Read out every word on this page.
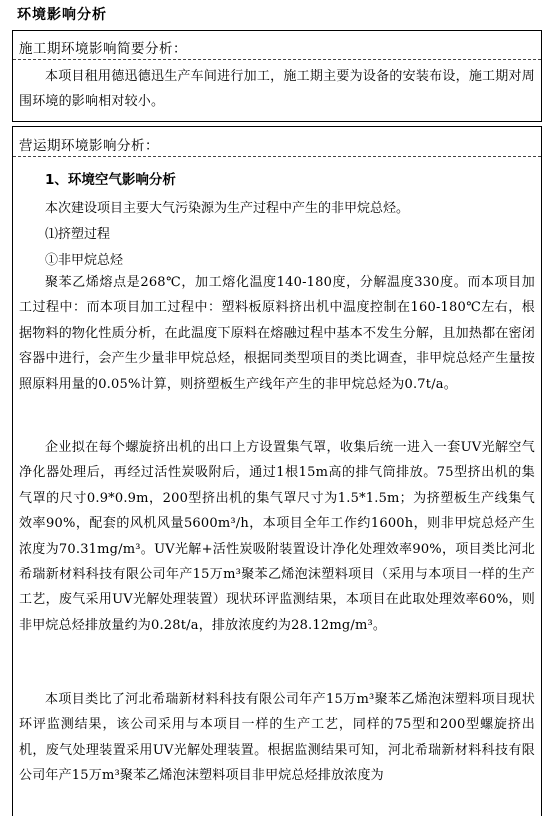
环境影响分析
施工期环境影响简要分析：
本项目租用德迅德迅生产车间进行加工，施工期主要为设备的安装布设，施工期对周围环境的影响相对较小。
营运期环境影响分析：
1、环境空气影响分析
本次建设项目主要大气污染源为生产过程中产生的非甲烷总烃。
⑴挤塑过程
①非甲烷总烃
聚苯乙烯熔点是268℃，加工熔化温度140-180度，分解温度330度。而本项目加工过程中：而本项目加工过程中：塑料板原料挤出机中温度控制在160-180℃左右，根据物料的物化性质分析，在此温度下原料在熔融过程中基本不发生分解，且加热都在密闭容器中进行，会产生少量非甲烷总烃，根据同类型项目的类比调查，非甲烷总烃产生量按照原料用量的0.05%计算，则挤塑板生产线年产生的非甲烷总烃为0.7t/a。
企业拟在每个螺旋挤出机的出口上方设置集气罩，收集后统一进入一套UV光解空气净化器处理后，再经过活性炭吸附后，通过1根15m高的排气筒排放。75型挤出机的集气罩的尺寸0.9*0.9m，200型挤出机的集气罩尺寸为1.5*1.5m；为挤塑板生产线集气效率90%，配套的风机风量5600m³/h，本项目全年工作约1600h，则非甲烷总烃产生浓度为70.31mg/m³。UV光解+活性炭吸附装置设计净化处理效率90%，项目类比河北希瑞新材料科技有限公司年产15万m³聚苯乙烯泡沫塑料项目（采用与本项目一样的生产工艺，废气采用UV光解处理装置）现状环评监测结果，本项目在此取处理效率60%，则非甲烷总烃排放量约为0.28t/a，排放浓度约为28.12mg/m³。
本项目类比了河北希瑞新材料科技有限公司年产15万m³聚苯乙烯泡沫塑料项目现状环评监测结果，该公司采用与本项目一样的生产工艺，同样的75型和200型螺旋挤出机，废气处理装置采用UV光解处理装置。根据监测结果可知，河北希瑞新材料科技有限公司年产15万m³聚苯乙烯泡沫塑料项目非甲烷总烃排放浓度为
